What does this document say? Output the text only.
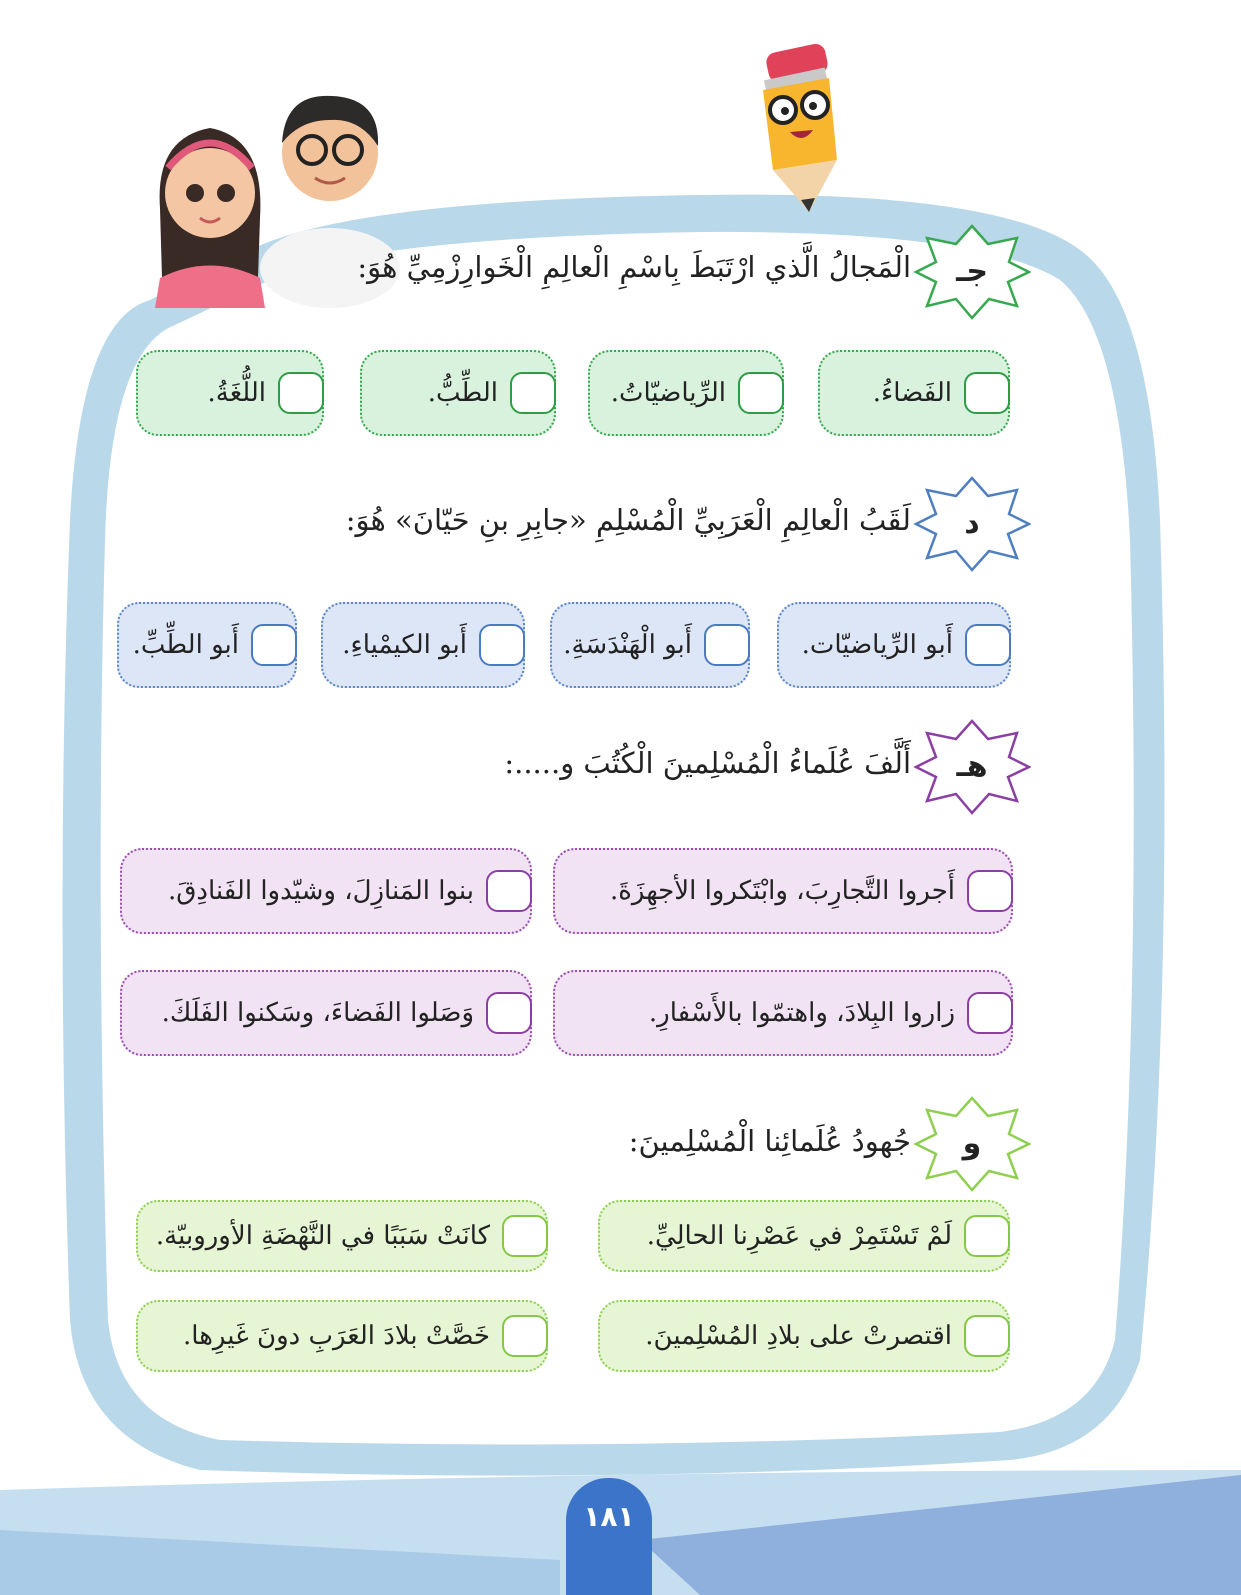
جـ
الْمَجالُ الَّذي ارْتَبَطَ بِاسْمِ الْعالِمِ الْخَوارِزْمِيِّ هُوَ:
الفَضاءُ.
الرِّياضيّاتُ.
الطِّبُّ.
اللُّغَةُ.
د
لَقَبُ الْعالِمِ الْعَرَبِيِّ الْمُسْلِمِ «جابِرِ بنِ حَيّانَ» هُوَ:
أَبو الرِّياضيّات.
أَبو الْهَنْدَسَةِ.
أَبو الكيمْياءِ.
أَبو الطِّبِّ.
هـ
أَلَّفَ عُلَماءُ الْمُسْلِمينَ الْكُتُبَ و.....:
أَجروا التَّجارِبَ، وابْتَكروا الأجهِزَةَ.
بنوا المَنازِلَ، وشيّدوا الفَنادِقَ.
زاروا البِلادَ، واهتمّوا بالأَسْفارِ.
وَصَلوا الفَضاءَ، وسَكنوا الفَلَكَ.
و
جُهودُ عُلَمائِنا الْمُسْلِمينَ:
لَمْ تَسْتَمِرْ في عَصْرِنا الحالِيِّ.
كانَتْ سَبَبًا في النَّهْضَةِ الأوروبيّة.
اقتصرتْ على بلادِ المُسْلِمينَ.
خَصَّتْ بلادَ العَرَبِ دونَ غَيرِها.
١٨١
